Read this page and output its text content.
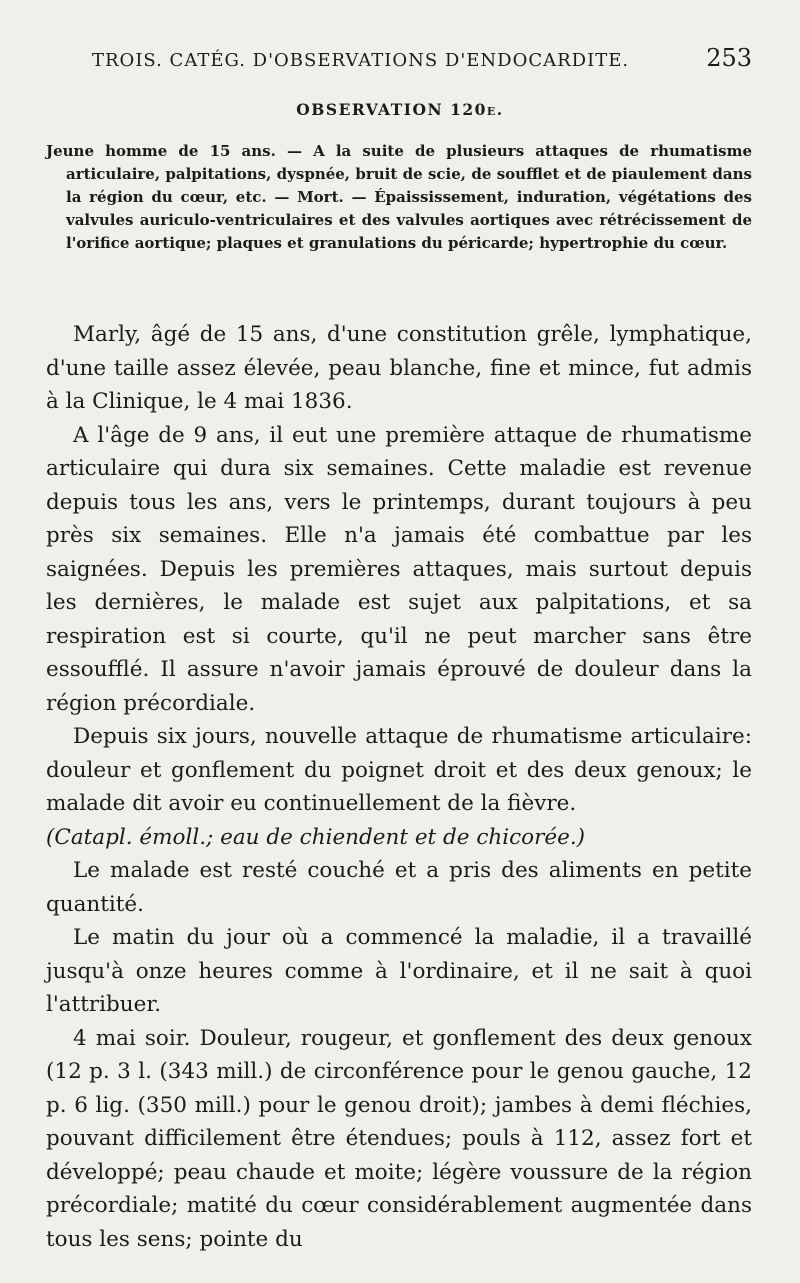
TROIS. CATÉG. D'OBSERVATIONS D'ENDOCARDITE.	253
OBSERVATION 120e.
Jeune homme de 15 ans. — A la suite de plusieurs attaques de rhumatisme articulaire, palpitations, dyspnée, bruit de scie, de soufflet et de piaulement dans la région du cœur, etc. — Mort. — Épaississement, induration, végétations des valvules auriculo-ventriculaires et des valvules aortiques avec rétrécissement de l'orifice aortique; plaques et granulations du péricarde; hypertrophie du cœur.

Marly, âgé de 15 ans, d'une constitution grêle, lymphatique, d'une taille assez élevée, peau blanche, fine et mince, fut admis à la Clinique, le 4 mai 1836.

A l'âge de 9 ans, il eut une première attaque de rhumatisme articulaire qui dura six semaines. Cette maladie est revenue depuis tous les ans, vers le printemps, durant toujours à peu près six semaines. Elle n'a jamais été combattue par les saignées. Depuis les premières attaques, mais surtout depuis les dernières, le malade est sujet aux palpitations, et sa respiration est si courte, qu'il ne peut marcher sans être essoufflé. Il assure n'avoir jamais éprouvé de douleur dans la région précordiale.

Depuis six jours, nouvelle attaque de rhumatisme articulaire: douleur et gonflement du poignet droit et des deux genoux; le malade dit avoir eu continuellement de la fièvre.
(Catapl. émoll.; eau de chiendent et de chicorée.)

Le malade est resté couché et a pris des aliments en petite quantité.

Le matin du jour où a commencé la maladie, il a travaillé jusqu'à onze heures comme à l'ordinaire, et il ne sait à quoi l'attribuer.

4 mai soir. Douleur, rougeur, et gonflement des deux genoux (12 p. 3 l. (343 mill.) de circonférence pour le genou gauche, 12 p. 6 lig. (350 mill.) pour le genou droit); jambes à demi fléchies, pouvant difficilement être étendues; pouls à 112, assez fort et développé; peau chaude et moite; légère voussure de la région précordiale; matité du cœur considérablement augmentée dans tous les sens; pointe du
